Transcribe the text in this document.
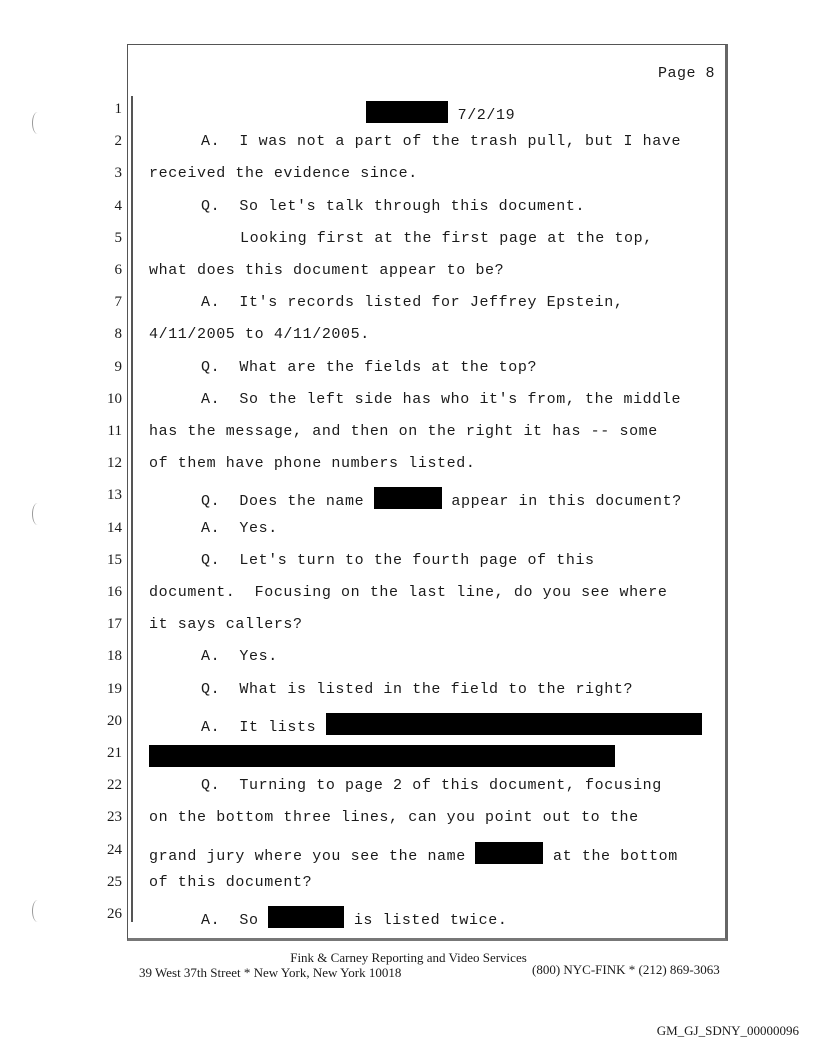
Page 8
1	7/2/19
2	A.  I was not a part of the trash pull, but I have
3 received the evidence since.
4	Q.  So let's talk through this document.
5	Looking first at the first page at the top,
6 what does this document appear to be?
7	A.  It's records listed for Jeffrey Epstein,
8 4/11/2005 to 4/11/2005.
9	Q.  What are the fields at the top?
10	A.  So the left side has who it's from, the middle
11 has the message, and then on the right it has -- some
12 of them have phone numbers listed.
13	Q.  Does the name	appear in this document?
14	A.  Yes.
15	Q.  Let's turn to the fourth page of this
16 document.  Focusing on the last line, do you see where
17 it says callers?
18	A.  Yes.
19	Q.  What is listed in the field to the right?
20	A.  It lists
21
22	Q.  Turning to page 2 of this document, focusing
23 on the bottom three lines, can you point out to the
24 grand jury where you see the name	at the bottom
25 of this document?
26	A.  So	is listed twice.
Fink & Carney Reporting and Video Services
39 West 37th Street * New York, New York 10018	(800) NYC-FINK * (212) 869-3063
GM_GJ_SDNY_00000096
